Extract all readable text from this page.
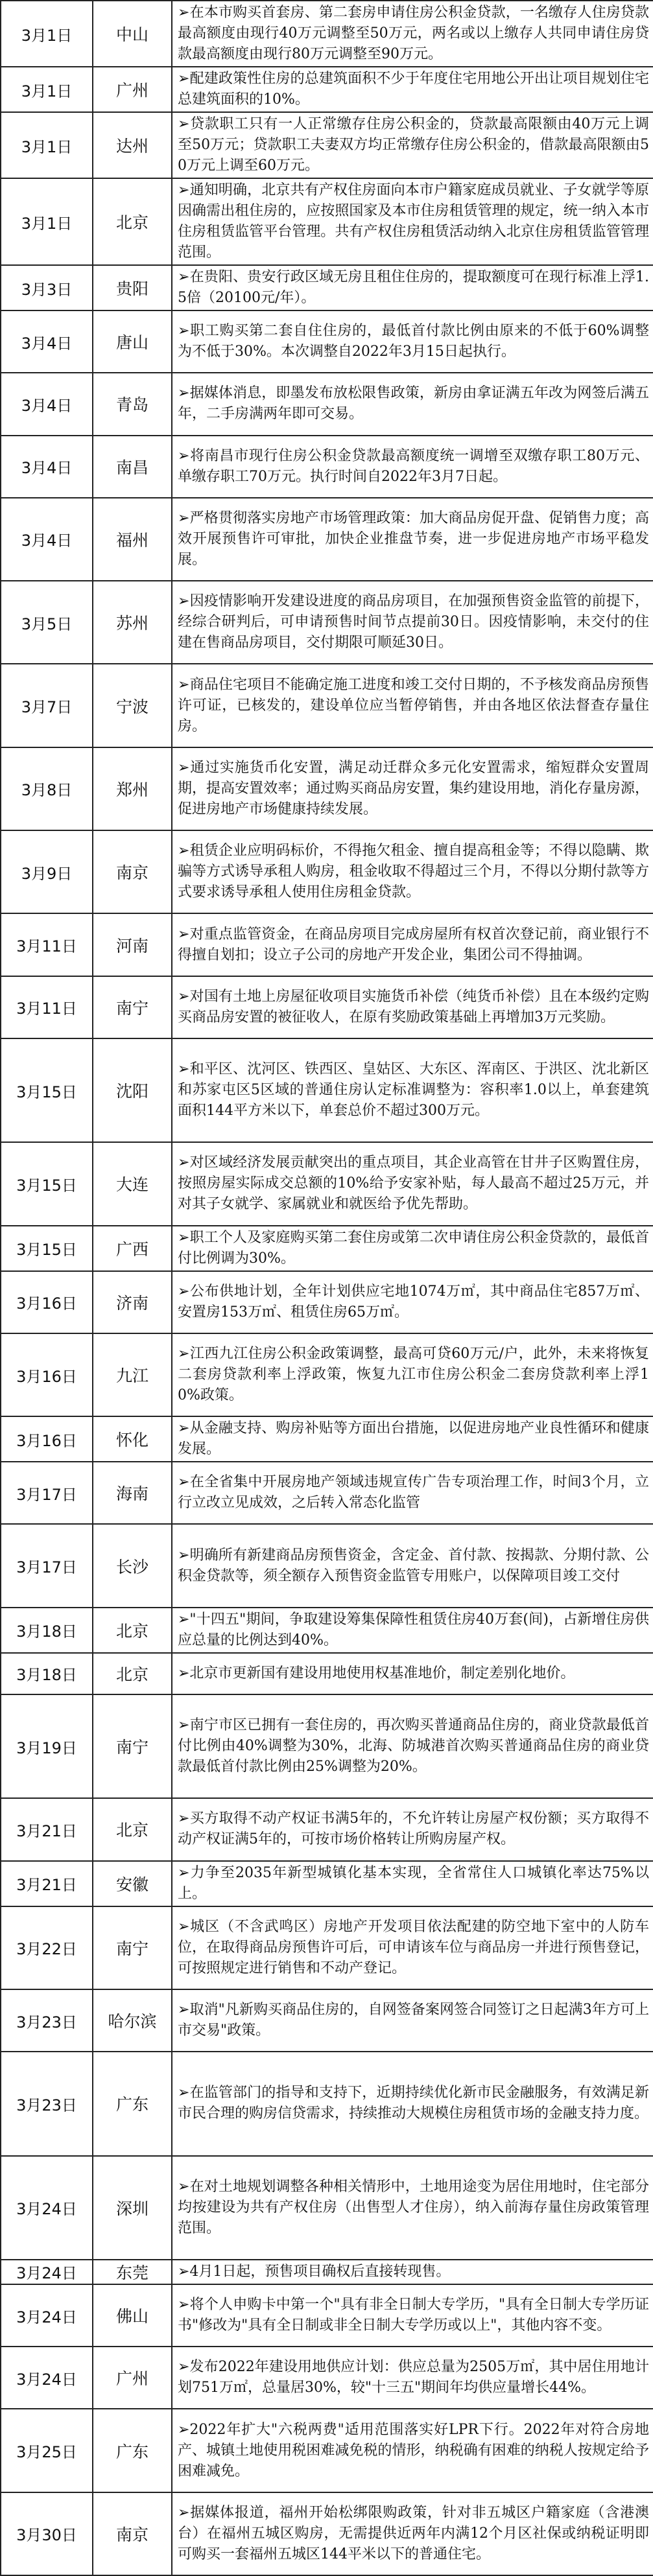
3月1日	中山	➢在本市购买首套房、第二套房申请住房公积金贷款，一名缴存人住房贷款最高额度由现行40万元调整至50万元，两名或以上缴存人共同申请住房贷款最高额度由现行80万元调整至90万元。
3月1日	广州	➢配建政策性住房的总建筑面积不少于年度住宅用地公开出让项目规划住宅总建筑面积的10%。
3月1日	达州	➢贷款职工只有一人正常缴存住房公积金的，贷款最高限额由40万元上调至50万元；贷款职工夫妻双方均正常缴存住房公积金的，借款最高限额由50万元上调至60万元。
3月1日	北京	➢通知明确，北京共有产权住房面向本市户籍家庭成员就业、子女就学等原因确需出租住房的，应按照国家及本市住房租赁管理的规定，统一纳入本市住房租赁监管平台管理。共有产权住房租赁活动纳入北京住房租赁监管管理范围。
3月3日	贵阳	➢在贵阳、贵安行政区域无房且租住住房的，提取额度可在现行标准上浮1.5倍（20100元/年）。
3月4日	唐山	➢职工购买第二套自住住房的，最低首付款比例由原来的不低于60%调整为不低于30%。本次调整自2022年3月15日起执行。
3月4日	青岛	➢据媒体消息，即墨发布放松限售政策，新房由拿证满五年改为网签后满五年，二手房满两年即可交易。
3月4日	南昌	➢将南昌市现行住房公积金贷款最高额度统一调增至双缴存职工80万元、单缴存职工70万元。执行时间自2022年3月7日起。
3月4日	福州	➢严格贯彻落实房地产市场管理政策：加大商品房促开盘、促销售力度；高效开展预售许可审批，加快企业推盘节奏，进一步促进房地产市场平稳发展。
3月5日	苏州	➢因疫情影响开发建设进度的商品房项目，在加强预售资金监管的前提下，经综合研判后，可申请预售时间节点提前30日。因疫情影响，未交付的住建在售商品房项目，交付期限可顺延30日。
3月7日	宁波	➢商品住宅项目不能确定施工进度和竣工交付日期的，不予核发商品房预售许可证，已核发的，建设单位应当暂停销售，并由各地区依法督查存量住房。
3月8日	郑州	➢通过实施货币化安置，满足动迁群众多元化安置需求，缩短群众安置周期，提高安置效率；通过购买商品房安置，集约建设用地，消化存量房源，促进房地产市场健康持续发展。
3月9日	南京	➢租赁企业应明码标价，不得拖欠租金、擅自提高租金等；不得以隐瞒、欺骗等方式诱导承租人购房，租金收取不得超过三个月，不得以分期付款等方式要求诱导承租人使用住房租金贷款。
3月11日	河南	➢对重点监管资金，在商品房项目完成房屋所有权首次登记前，商业银行不得擅自划扣；设立子公司的房地产开发企业，集团公司不得抽调。
3月11日	南宁	➢对国有土地上房屋征收项目实施货币补偿（纯货币补偿）且在本级约定购买商品房安置的被征收人，在原有奖励政策基础上再增加3万元奖励。
3月15日	沈阳	➢和平区、沈河区、铁西区、皇姑区、大东区、浑南区、于洪区、沈北新区和苏家屯区5区域的普通住房认定标准调整为：容积率1.0以上，单套建筑面积144平方米以下，单套总价不超过300万元。
3月15日	大连	➢对区域经济发展贡献突出的重点项目，其企业高管在甘井子区购置住房，按照房屋实际成交总额的10%给予安家补贴，每人最高不超过25万元，并对其子女就学、家属就业和就医给予优先帮助。
3月15日	广西	➢职工个人及家庭购买第二套住房或第二次申请住房公积金贷款的，最低首付比例调为30%。
3月16日	济南	➢公布供地计划，全年计划供应宅地1074万㎡，其中商品住宅857万㎡、安置房153万㎡、租赁住房65万㎡。
3月16日	九江	➢江西九江住房公积金政策调整，最高可贷60万元/户，此外，未来将恢复二套房贷款利率上浮政策，恢复九江市住房公积金二套房贷款利率上浮10%政策。
3月16日	怀化	➢从金融支持、购房补贴等方面出台措施，以促进房地产业良性循环和健康发展。
3月17日	海南	➢在全省集中开展房地产领域违规宣传广告专项治理工作，时间3个月，立行立改立见成效，之后转入常态化监管
3月17日	长沙	➢明确所有新建商品房预售资金，含定金、首付款、按揭款、分期付款、公积金贷款等，须全额存入预售资金监管专用账户，以保障项目竣工交付
3月18日	北京	➢"十四五"期间，争取建设筹集保障性租赁住房40万套(间)，占新增住房供应总量的比例达到40%。
3月18日	北京	➢北京市更新国有建设用地使用权基准地价，制定差别化地价。
3月19日	南宁	➢南宁市区已拥有一套住房的，再次购买普通商品住房的，商业贷款最低首付比例由40%调整为30%，北海、防城港首次购买普通商品住房的商业贷款最低首付款比例由25%调整为20%。
3月21日	北京	➢买方取得不动产权证书满5年的，不允许转让房屋产权份额；买方取得不动产权证满5年的，可按市场价格转让所购房屋产权。
3月21日	安徽	➢力争至2035年新型城镇化基本实现，全省常住人口城镇化率达75%以上。
3月22日	南宁	➢城区（不含武鸣区）房地产开发项目依法配建的防空地下室中的人防车位，在取得商品房预售许可后，可申请该车位与商品房一并进行预售登记，可按照规定进行销售和不动产登记。
3月23日	哈尔滨	➢取消"凡新购买商品住房的，自网签备案网签合同签订之日起满3年方可上市交易"政策。
3月23日	广东	➢在监管部门的指导和支持下，近期持续优化新市民金融服务，有效满足新市民合理的购房信贷需求，持续推动大规模住房租赁市场的金融支持力度。
3月24日	深圳	➢在对土地规划调整各种相关情形中，土地用途变为居住用地时，住宅部分均按建设为共有产权住房（出售型人才住房），纳入前海存量住房政策管理范围。
3月24日	东莞	➢4月1日起，预售项目确权后直接转现售。
3月24日	佛山	➢将个人申购卡中第一个"具有非全日制大专学历，"具有全日制大专学历证书"修改为"具有全日制或非全日制大专学历或以上"，其他内容不变。
3月24日	广州	➢发布2022年建设用地供应计划：供应总量为2505万㎡，其中居住用地计划751万㎡，总量居30%，较"十三五"期间年均供应量增长44%。
3月25日	广东	➢2022年扩大"六税两费"适用范围落实好LPR下行。2022年对符合房地产、城镇土地使用税困难减免税的情形，纳税确有困难的纳税人按规定给予困难减免。
3月30日	南京	➢据媒体报道，福州开始松绑限购政策，针对非五城区户籍家庭（含港澳台）在福州五城区购房，无需提供近两年内满12个月区社保或纳税证明即可购买一套福州五城区144平米以下的普通住宅。
